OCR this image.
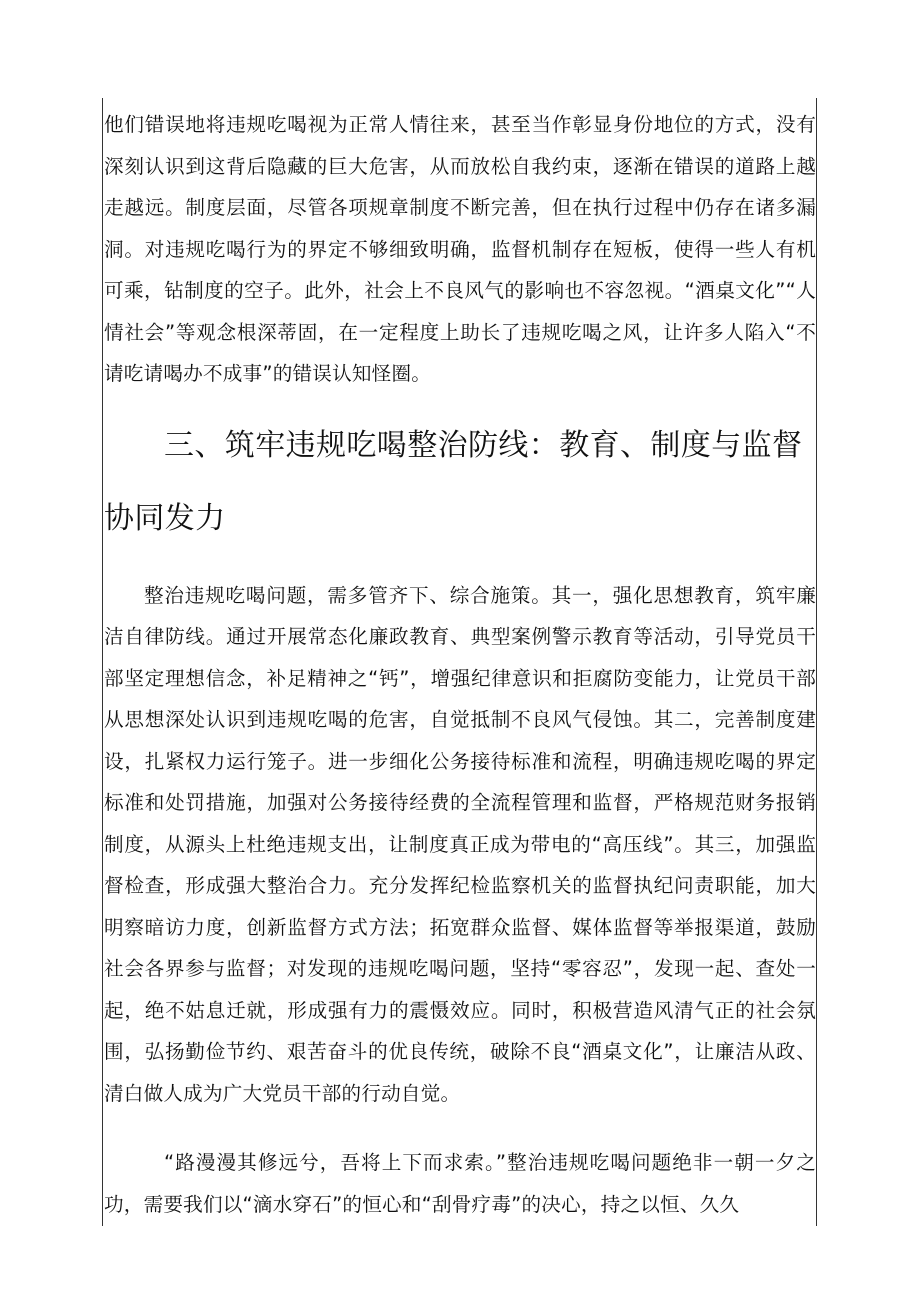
他们错误地将违规吃喝视为正常人情往来，甚至当作彰显身份地位的方式，没有深刻认识到这背后隐藏的巨大危害，从而放松自我约束，逐渐在错误的道路上越走越远。制度层面，尽管各项规章制度不断完善，但在执行过程中仍存在诸多漏洞。对违规吃喝行为的界定不够细致明确，监督机制存在短板，使得一些人有机可乘，钻制度的空子。此外，社会上不良风气的影响也不容忽视。“酒桌文化”“人情社会”等观念根深蒂固，在一定程度上助长了违规吃喝之风，让许多人陷入“不请吃请喝办不成事”的错误认知怪圈。

三、筑牢违规吃喝整治防线：教育、制度与监督协同发力

整治违规吃喝问题，需多管齐下、综合施策。其一，强化思想教育，筑牢廉洁自律防线。通过开展常态化廉政教育、典型案例警示教育等活动，引导党员干部坚定理想信念，补足精神之“钙”，增强纪律意识和拒腐防变能力，让党员干部从思想深处认识到违规吃喝的危害，自觉抵制不良风气侵蚀。其二，完善制度建设，扎紧权力运行笼子。进一步细化公务接待标准和流程，明确违规吃喝的界定标准和处罚措施，加强对公务接待经费的全流程管理和监督，严格规范财务报销制度，从源头上杜绝违规支出，让制度真正成为带电的“高压线”。其三，加强监督检查，形成强大整治合力。充分发挥纪检监察机关的监督执纪问责职能，加大明察暗访力度，创新监督方式方法；拓宽群众监督、媒体监督等举报渠道，鼓励社会各界参与监督；对发现的违规吃喝问题，坚持“零容忍”，发现一起、查处一起，绝不姑息迁就，形成强有力的震慑效应。同时，积极营造风清气正的社会氛围，弘扬勤俭节约、艰苦奋斗的优良传统，破除不良“酒桌文化”，让廉洁从政、清白做人成为广大党员干部的行动自觉。

“路漫漫其修远兮，吾将上下而求索。”整治违规吃喝问题绝非一朝一夕之功，需要我们以“滴水穿石”的恒心和“刮骨疗毒”的决心，持之以恒、久久
